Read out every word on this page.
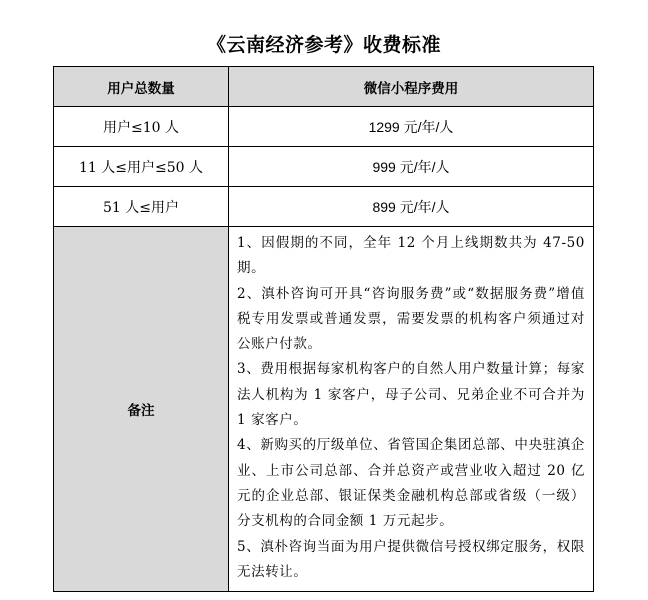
《云南经济参考》收费标准
用户总数量	微信小程序费用
用户≤10 人	1299 元/年/人
11 人≤用户≤50 人	999 元/年/人
51 人≤用户	899 元/年/人
备注	1、因假期的不同，全年 12 个月上线期数共为 47-50 期。

2、滇朴咨询可开具“咨询服务费”或“数据服务费”增值税专用发票或普通发票，需要发票的机构客户须通过对公账户付款。

3、费用根据每家机构客户的自然人用户数量计算；每家法人机构为 1 家客户，母子公司、兄弟企业不可合并为 1 家客户。

4、新购买的厅级单位、省管国企集团总部、中央驻滇企业、上市公司总部、合并总资产或营业收入超过 20 亿元的企业总部、银证保类金融机构总部或省级（一级）分支机构的合同金额 1 万元起步。

5、滇朴咨询当面为用户提供微信号授权绑定服务，权限无法转让。
